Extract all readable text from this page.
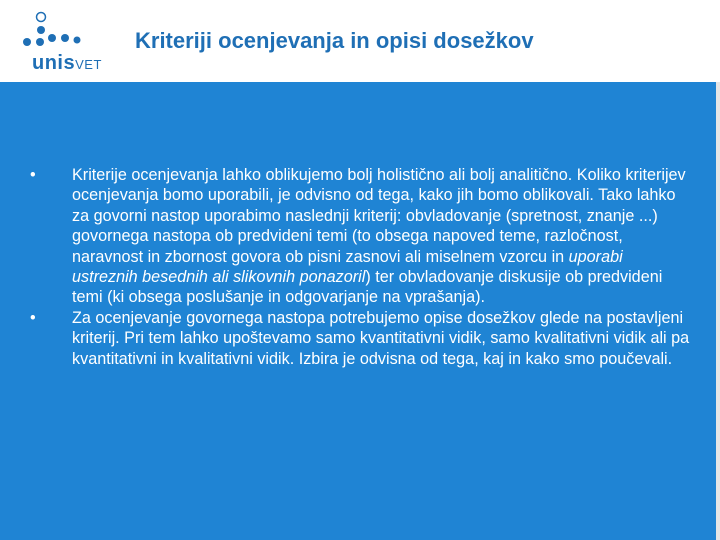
unisVET
Kriteriji ocenjevanja in opisi dosežkov
•	Kriterije ocenjevanja lahko oblikujemo bolj holistično ali bolj analitično. Koliko kriterijev ocenjevanja bomo uporabili, je odvisno od tega, kako jih bomo oblikovali. Tako lahko za govorni nastop uporabimo naslednji kriterij: obvladovanje (spretnost, znanje ...) govornega nastopa ob predvideni temi (to obsega napoved teme, razločnost, naravnost in zbornost govora ob pisni zasnovi ali miselnem vzorcu in uporabi ustreznih besednih ali slikovnih ponazoril) ter obvladovanje diskusije ob predvideni temi (ki obsega poslušanje in odgovarjanje na vprašanja).
•	Za ocenjevanje govornega nastopa potrebujemo opise dosežkov glede na postavljeni kriterij. Pri tem lahko upoštevamo samo kvantitativni vidik, samo kvalitativni vidik ali pa kvantitativni in kvalitativni vidik. Izbira je odvisna od tega, kaj in kako smo poučevali.
